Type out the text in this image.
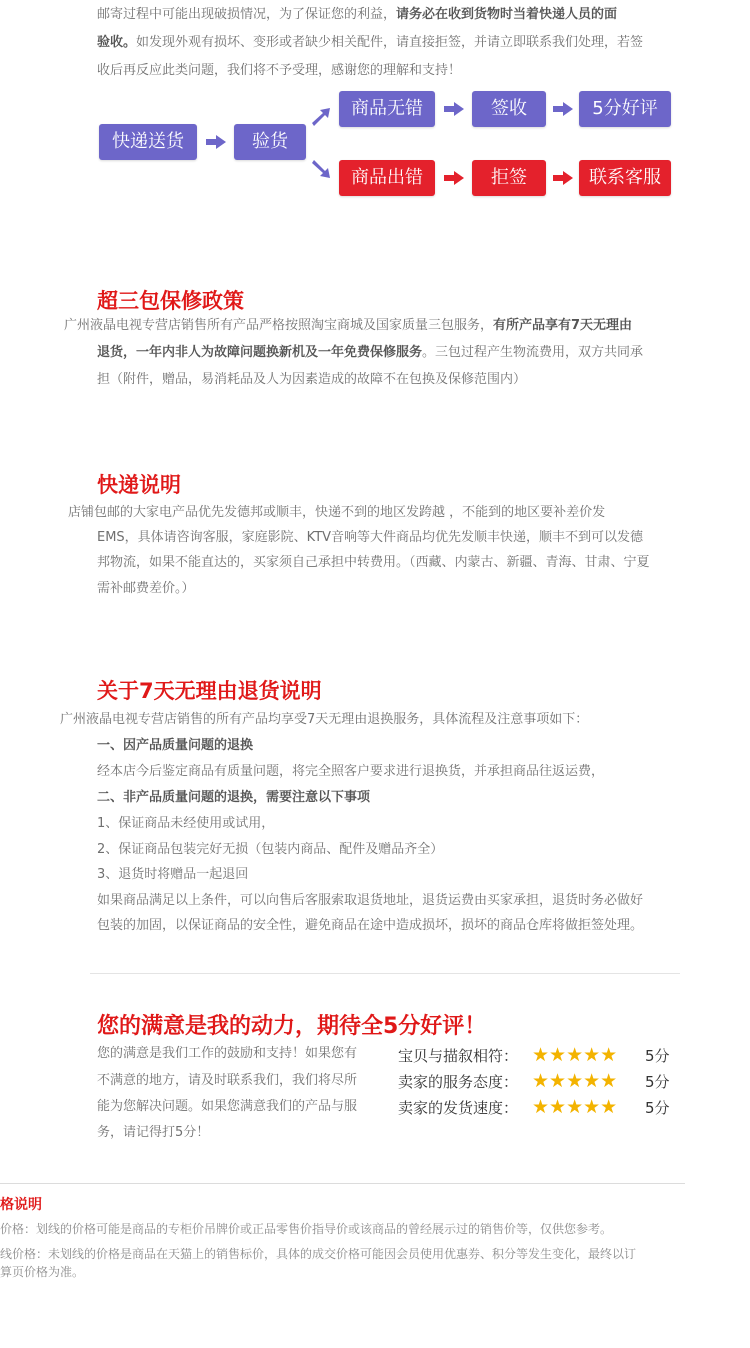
邮寄过程中可能出现破损情况，为了保证您的利益，请务必在收到货物时当着快递人员的面
验收。如发现外观有损坏、变形或者缺少相关配件，请直接拒签，并请立即联系我们处理，若签
收后再反应此类问题，我们将不予受理，感谢您的理解和支持！
快递送货	验货
商品无错	签收	5分好评
商品出错	拒签	联系客服
超三包保修政策
广州液晶电视专营店销售所有产品严格按照淘宝商城及国家质量三包服务，有所产品享有7天无理由
退货，一年内非人为故障问题换新机及一年免费保修服务。三包过程产生物流费用，双方共同承
担（附件，赠品，易消耗品及人为因素造成的故障不在包换及保修范围内）
快递说明
店铺包邮的大家电产品优先发德邦或顺丰，快递不到的地区发跨越 ，不能到的地区要补差价发
EMS，具体请咨询客服，家庭影院、KTV音响等大件商品均优先发顺丰快递，顺丰不到可以发德
邦物流，如果不能直达的，买家须自己承担中转费用。（西藏、内蒙古、新疆、青海、甘肃、宁夏
需补邮费差价。）
关于7天无理由退货说明
广州液晶电视专营店销售的所有产品均享受7天无理由退换服务，具体流程及注意事项如下：
一、因产品质量问题的退换
经本店今后鉴定商品有质量问题，将完全照客户要求进行退换货，并承担商品往返运费，
二、非产品质量问题的退换，需要注意以下事项
1、保证商品未经使用或试用，
2、保证商品包装完好无损（包装内商品、配件及赠品齐全）
3、退货时将赠品一起退回
如果商品满足以上条件，可以向售后客服索取退货地址，退货运费由买家承担，退货时务必做好
包装的加固，以保证商品的安全性，避免商品在途中造成损坏，损坏的商品仓库将做拒签处理。
您的满意是我的动力，期待全5分好评！
您的满意是我们工作的鼓励和支持！如果您有
不满意的地方，请及时联系我们，我们将尽所
能为您解决问题。如果您满意我们的产品与服
务，请记得打5分！
宝贝与描叙相符： ★★★★★ 5分
卖家的服务态度： ★★★★★ 5分
卖家的发货速度： ★★★★★ 5分
格说明
价格：划线的价格可能是商品的专柜价吊牌价或正品零售价指导价或该商品的曾经展示过的销售价等，仅供您参考。
线价格：未划线的价格是商品在天猫上的销售标价，具体的成交价格可能因会员使用优惠券、积分等发生变化，最终以订
算页价格为准。
